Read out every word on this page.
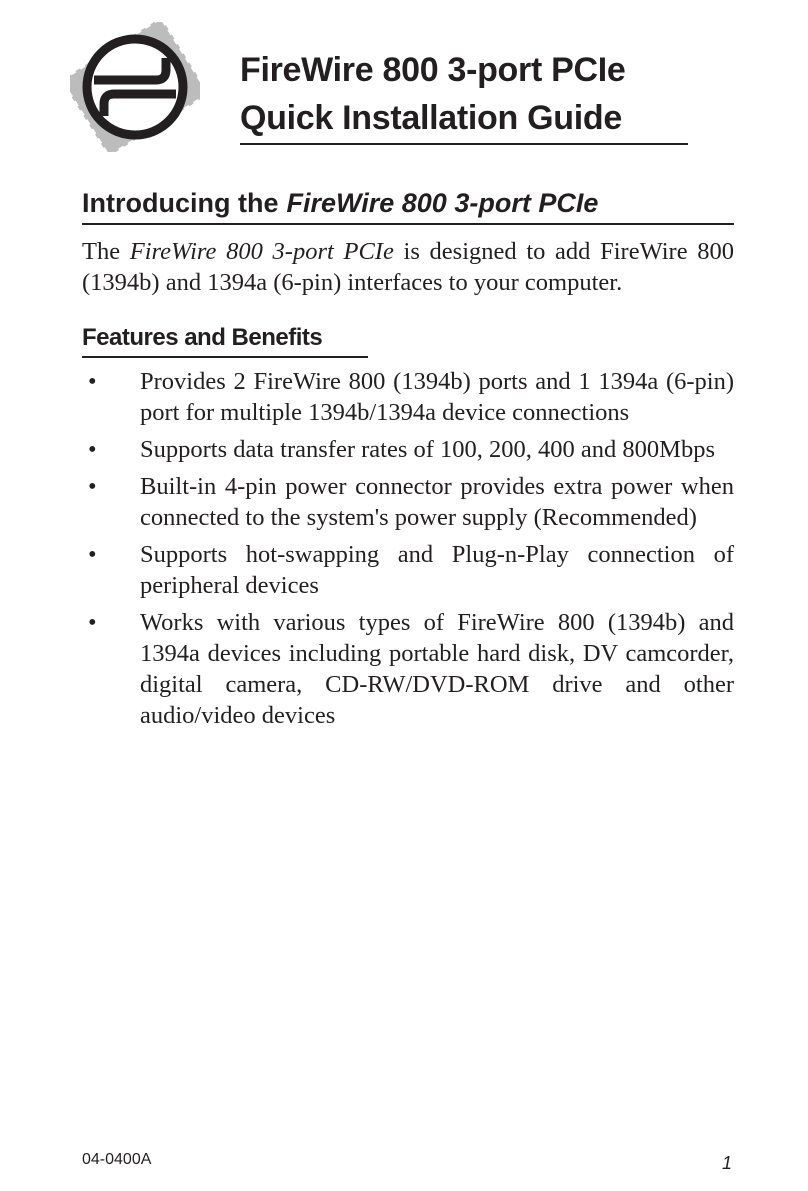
FireWire 800 3-port PCIe
Quick Installation Guide
Introducing the FireWire 800 3-port PCIe
The FireWire 800 3-port PCIe is designed to add FireWire 800 (1394b) and 1394a (6-pin) interfaces to your computer.
Features and Benefits
• Provides 2 FireWire 800 (1394b) ports and 1 1394a (6-pin) port for multiple 1394b/1394a device connections
• Supports data transfer rates of 100, 200, 400 and 800Mbps
• Built-in 4-pin power connector provides extra power when connected to the system's power supply (Recommended)
• Supports hot-swapping and Plug-n-Play connection of peripheral devices
• Works with various types of FireWire 800 (1394b) and 1394a devices including portable hard disk, DV camcorder, digital camera, CD-RW/DVD-ROM drive and other audio/video devices
04-0400A	1
